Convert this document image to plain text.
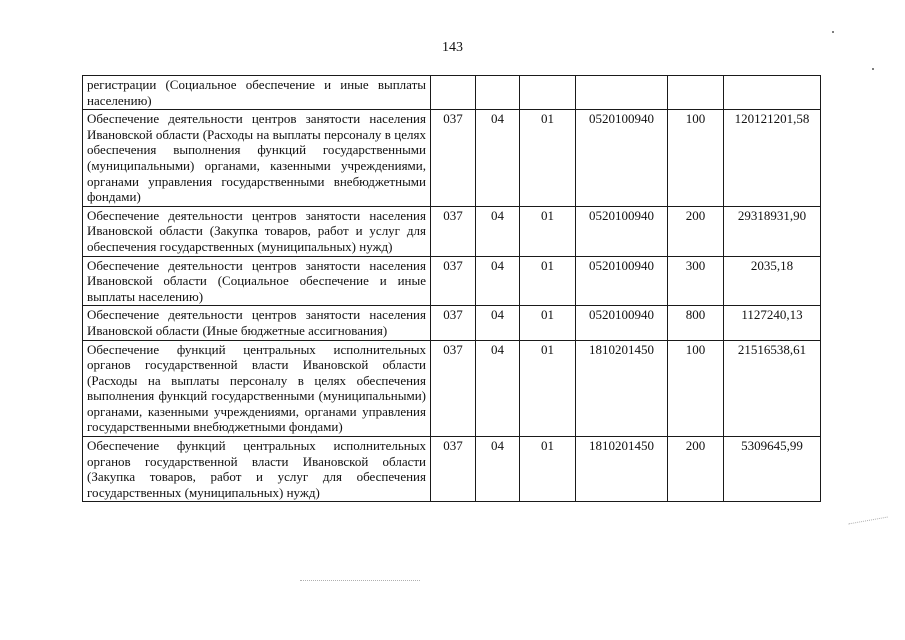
143
регистрации (Социальное обеспечение и иные выплаты населению)						
Обеспечение деятельности центров занятости населения Ивановской области (Расходы на выплаты персоналу в целях обеспечения выполнения функций государственными (муниципальными) органами, казенными учреждениями, органами управления государственными внебюджетными фондами)	037	04	01	0520100940	100	120121201,58
Обеспечение деятельности центров занятости населения Ивановской области (Закупка товаров, работ и услуг для обеспечения государственных (муниципальных) нужд)	037	04	01	0520100940	200	29318931,90
Обеспечение деятельности центров занятости населения Ивановской области (Социальное обеспечение и иные выплаты населению)	037	04	01	0520100940	300	2035,18
Обеспечение деятельности центров занятости населения Ивановской области (Иные бюджетные ассигнования)	037	04	01	0520100940	800	1127240,13
Обеспечение функций центральных исполнительных органов государственной власти Ивановской области (Расходы на выплаты персоналу в целях обеспечения выполнения функций государственными (муниципальными) органами, казенными учреждениями, органами управления государственными внебюджетными фондами)	037	04	01	1810201450	100	21516538,61
Обеспечение функций центральных исполнительных органов государственной власти Ивановской области (Закупка товаров, работ и услуг для обеспечения государственных (муниципальных) нужд)	037	04	01	1810201450	200	5309645,99
